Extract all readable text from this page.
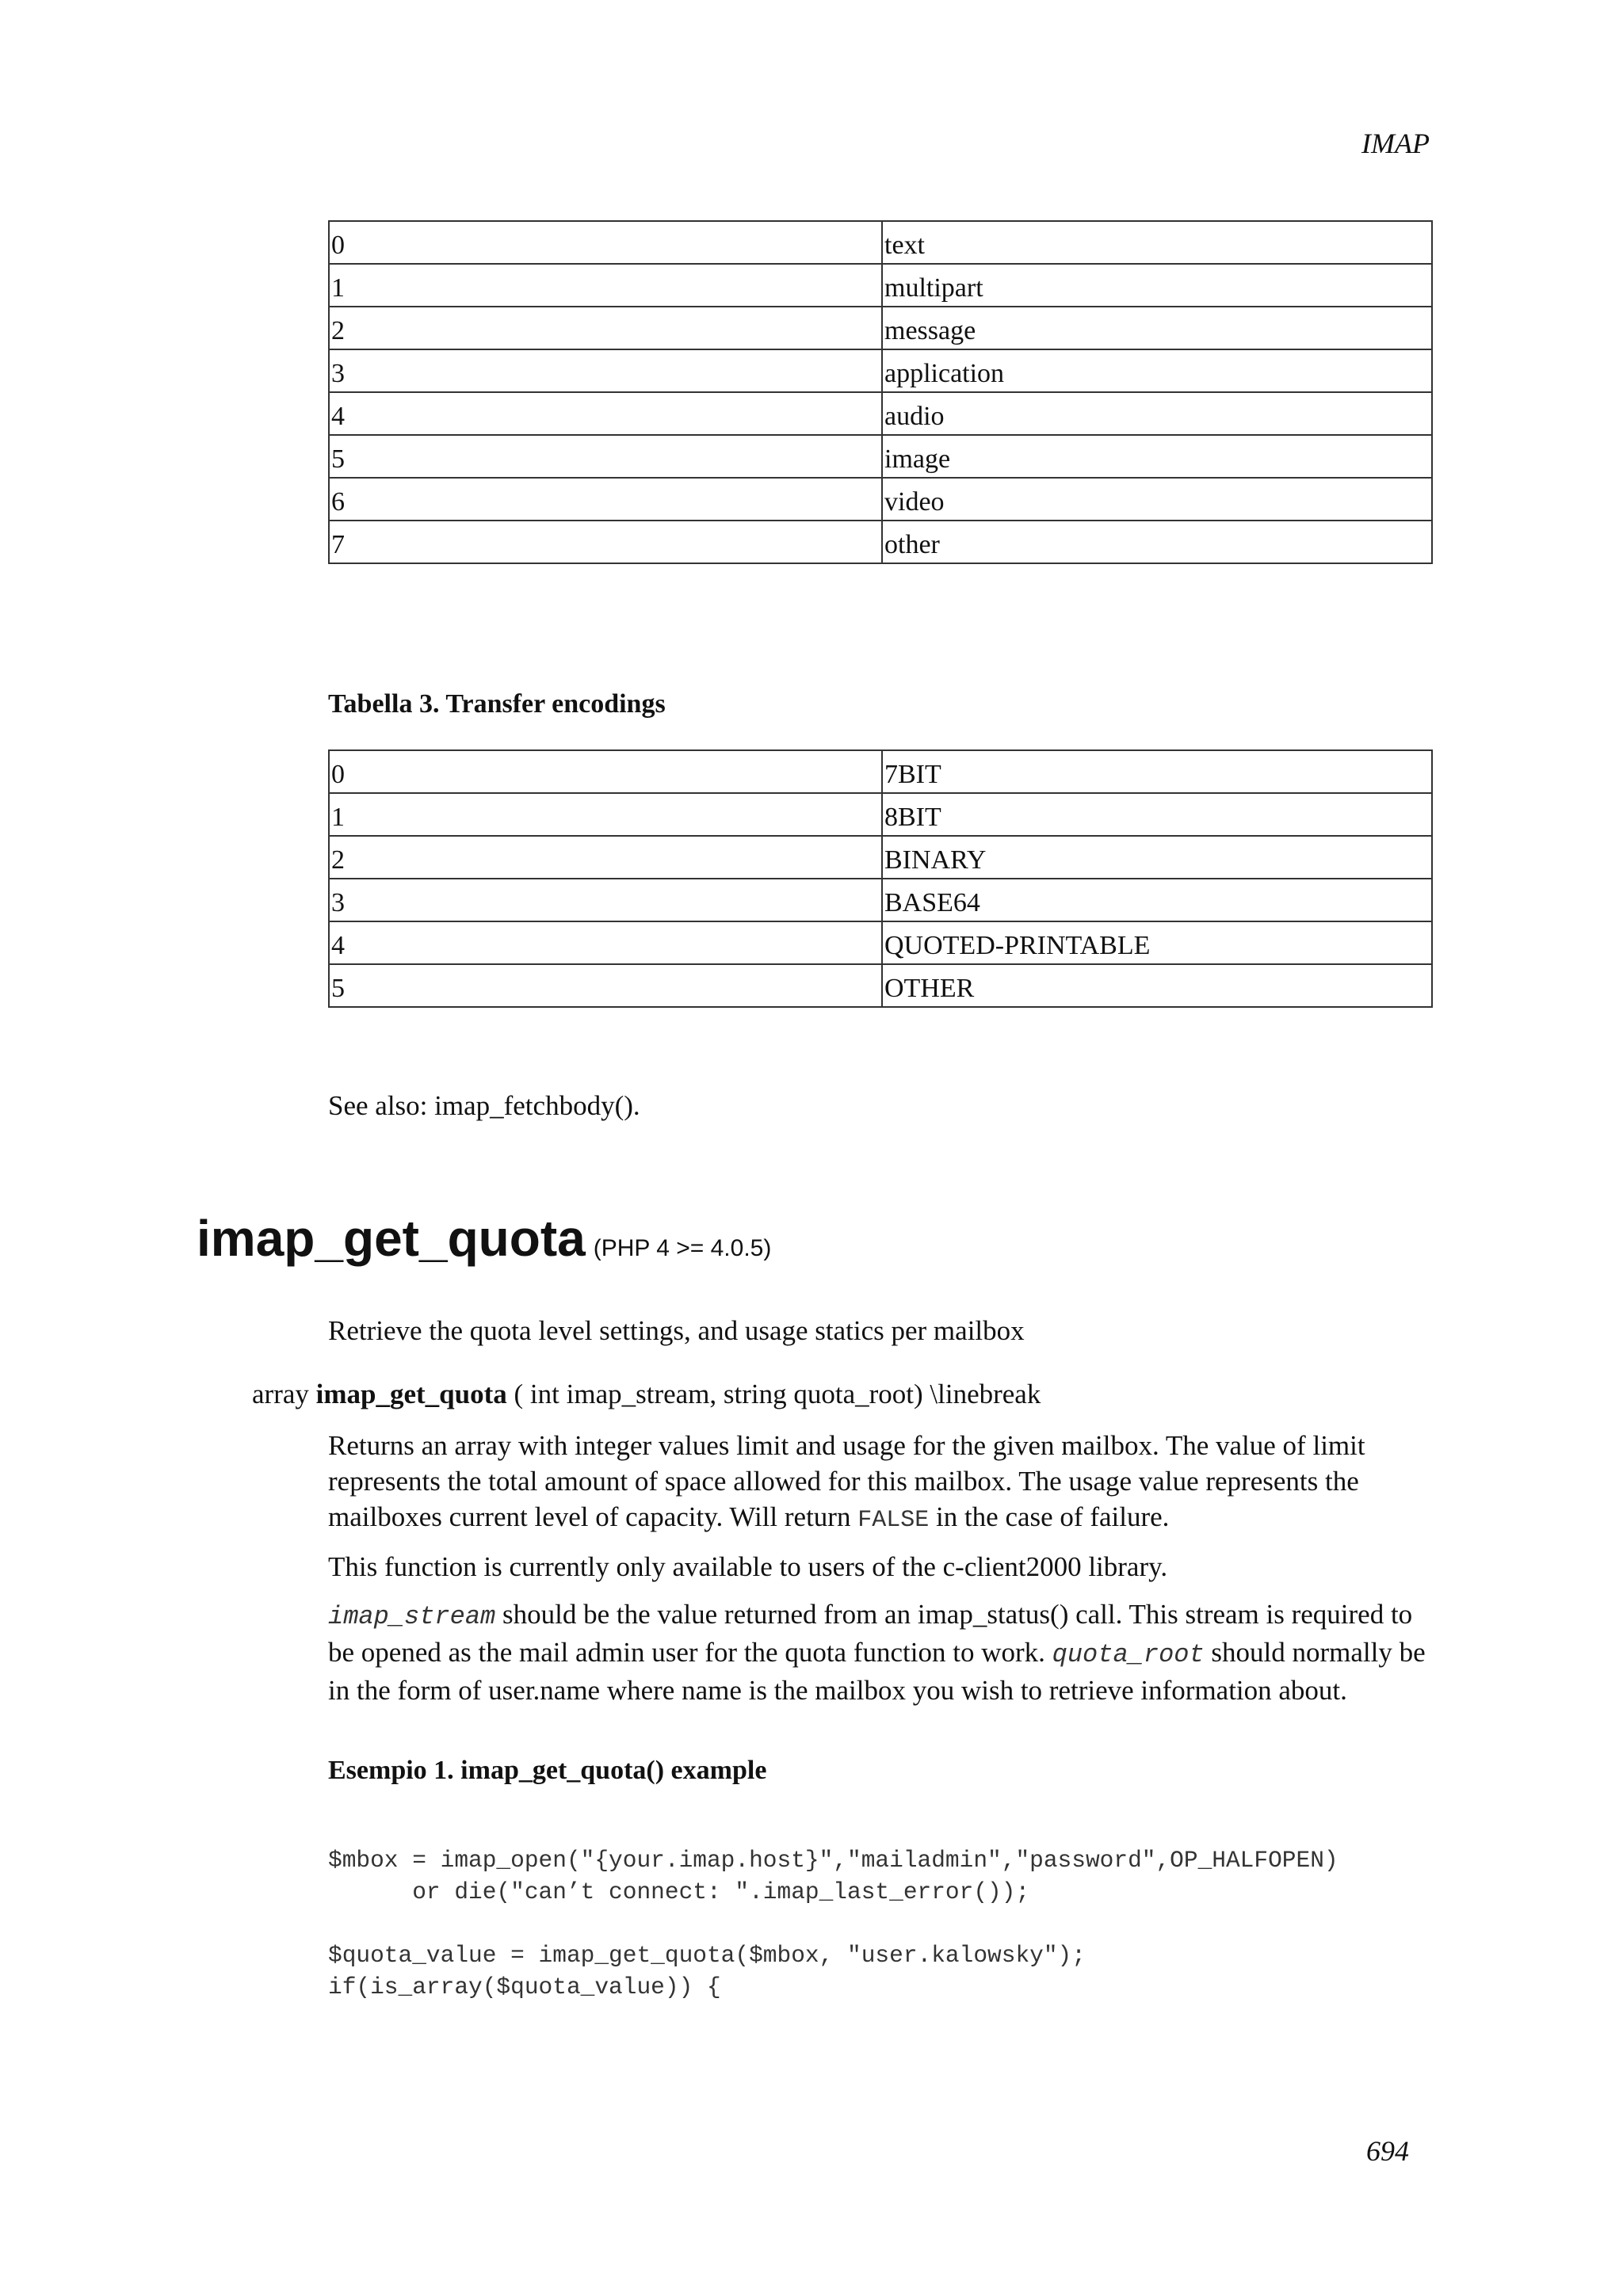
IMAP
0	text
1	multipart
2	message
3	application
4	audio
5	image
6	video
7	other
Tabella 3. Transfer encodings
0	7BIT
1	8BIT
2	BINARY
3	BASE64
4	QUOTED-PRINTABLE
5	OTHER
See also: imap_fetchbody().
imap_get_quota (PHP 4 >= 4.0.5)
Retrieve the quota level settings, and usage statics per mailbox
array imap_get_quota ( int imap_stream, string quota_root) \linebreak

Returns an array with integer values limit and usage for the given mailbox. The value of limit represents the total amount of space allowed for this mailbox. The usage value represents the mailboxes current level of capacity. Will return FALSE in the case of failure.

This function is currently only available to users of the c-client2000 library.

imap_stream should be the value returned from an imap_status() call. This stream is required to be opened as the mail admin user for the quota function to work. quota_root should normally be in the form of user.name where name is the mailbox you wish to retrieve information about.

Esempio 1. imap_get_quota() example
$mbox = imap_open("{your.imap.host}","mailadmin","password",OP_HALFOPEN)
or die("can’t connect: ".imap_last_error());

$quota_value = imap_get_quota($mbox, "user.kalowsky");
if(is_array($quota_value)) {
694
